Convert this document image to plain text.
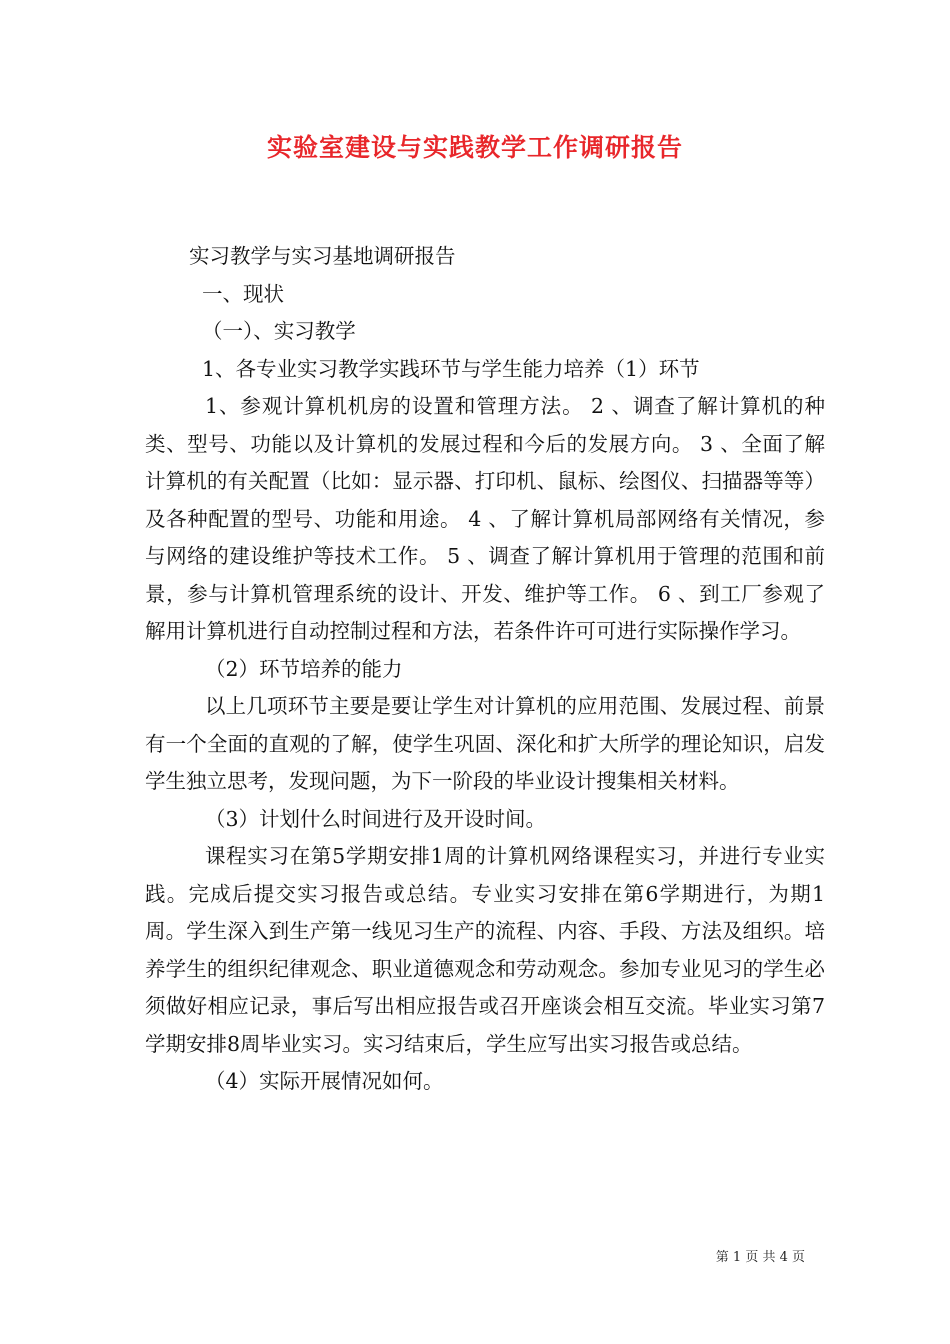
实验室建设与实践教学工作调研报告

实习教学与实习基地调研报告

一、现状

（一）、实习教学

1、各专业实习教学实践环节与学生能力培养（1）环节

1、参观计算机机房的设置和管理方法。 2 、调查了解计算机的种类、型号、功能以及计算机的发展过程和今后的发展方向。 3 、全面了解计算机的有关配置（比如：显示器、打印机、鼠标、绘图仪、扫描器等等）及各种配置的型号、功能和用途。 4 、了解计算机局部网络有关情况，参与网络的建设维护等技术工作。 5 、调查了解计算机用于管理的范围和前景，参与计算机管理系统的设计、开发、维护等工作。 6 、到工厂参观了解用计算机进行自动控制过程和方法，若条件许可可进行实际操作学习。

（2）环节培养的能力

以上几项环节主要是要让学生对计算机的应用范围、发展过程、前景有一个全面的直观的了解，使学生巩固、深化和扩大所学的理论知识，启发学生独立思考，发现问题，为下一阶段的毕业设计搜集相关材料。

（3）计划什么时间进行及开设时间。

课程实习在第5学期安排1周的计算机网络课程实习，并进行专业实践。完成后提交实习报告或总结。专业实习安排在第6学期进行，为期1周。学生深入到生产第一线见习生产的流程、内容、手段、方法及组织。培养学生的组织纪律观念、职业道德观念和劳动观念。参加专业见习的学生必须做好相应记录，事后写出相应报告或召开座谈会相互交流。毕业实习第7学期安排8周毕业实习。实习结束后，学生应写出实习报告或总结。

（4）实际开展情况如何。

第 1 页 共 4 页
